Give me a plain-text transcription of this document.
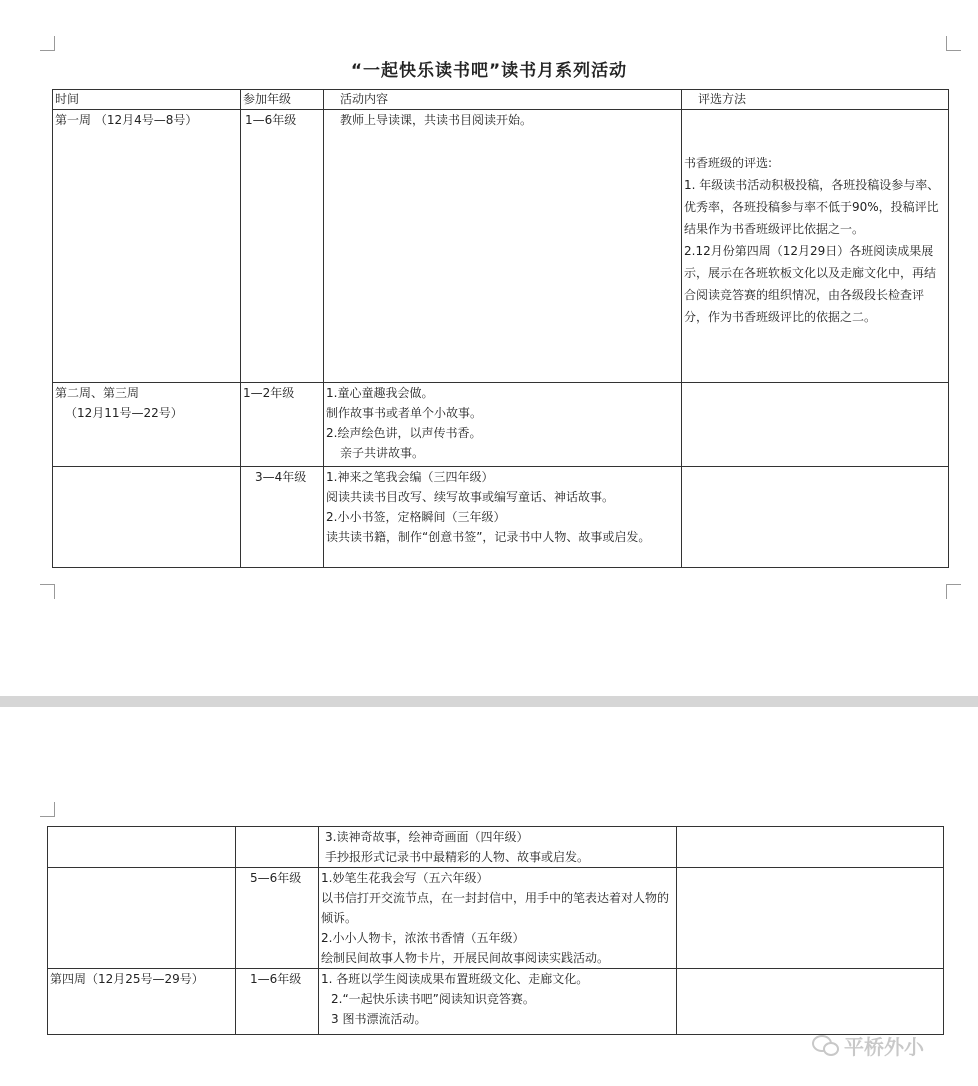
“一起快乐读书吧”读书月系列活动
时间	参加年级	活动内容	评选方法
第一周 （12月4号—8号）	1—6年级	教师上导读课，共读书目阅读开始。	书香班级的评选:
1. 年级读书活动积极投稿，各班投稿设参与率、优秀率，各班投稿参与率不低于90%，投稿评比结果作为书香班级评比依据之一。
2.12月份第四周（12月29日）各班阅读成果展示，展示在各班软板文化以及走廊文化中，再结合阅读竞答赛的组织情况，由各级段长检查评分，作为书香班级评比的依据之二。

第二周、第三周
（12月11号—22号）	1—2年级	1.童心童趣我会做。
制作故事书或者单个小故事。
2.绘声绘色讲，以声传书香。
亲子共讲故事。	

	3—4年级	1.神来之笔我会编（三四年级）
阅读共读书目改写、续写故事或编写童话、神话故事。
2.小小书签，定格瞬间（三年级）
读共读书籍，制作“创意书签”，记录书中人物、故事或启发。	

		3.读神奇故事，绘神奇画面（四年级）
手抄报形式记录书中最精彩的人物、故事或启发。	

	5—6年级	1.妙笔生花我会写（五六年级）
以书信打开交流节点，在一封封信中，用手中的笔表达着对人物的倾诉。
2.小小人物卡，浓浓书香情（五年级）
绘制民间故事人物卡片，开展民间故事阅读实践活动。	

第四周（12月25号—29号）	1—6年级	1. 各班以学生阅读成果布置班级文化、走廊文化。
2.“一起快乐读书吧”阅读知识竞答赛。
3 图书漂流活动。	

平桥外小
